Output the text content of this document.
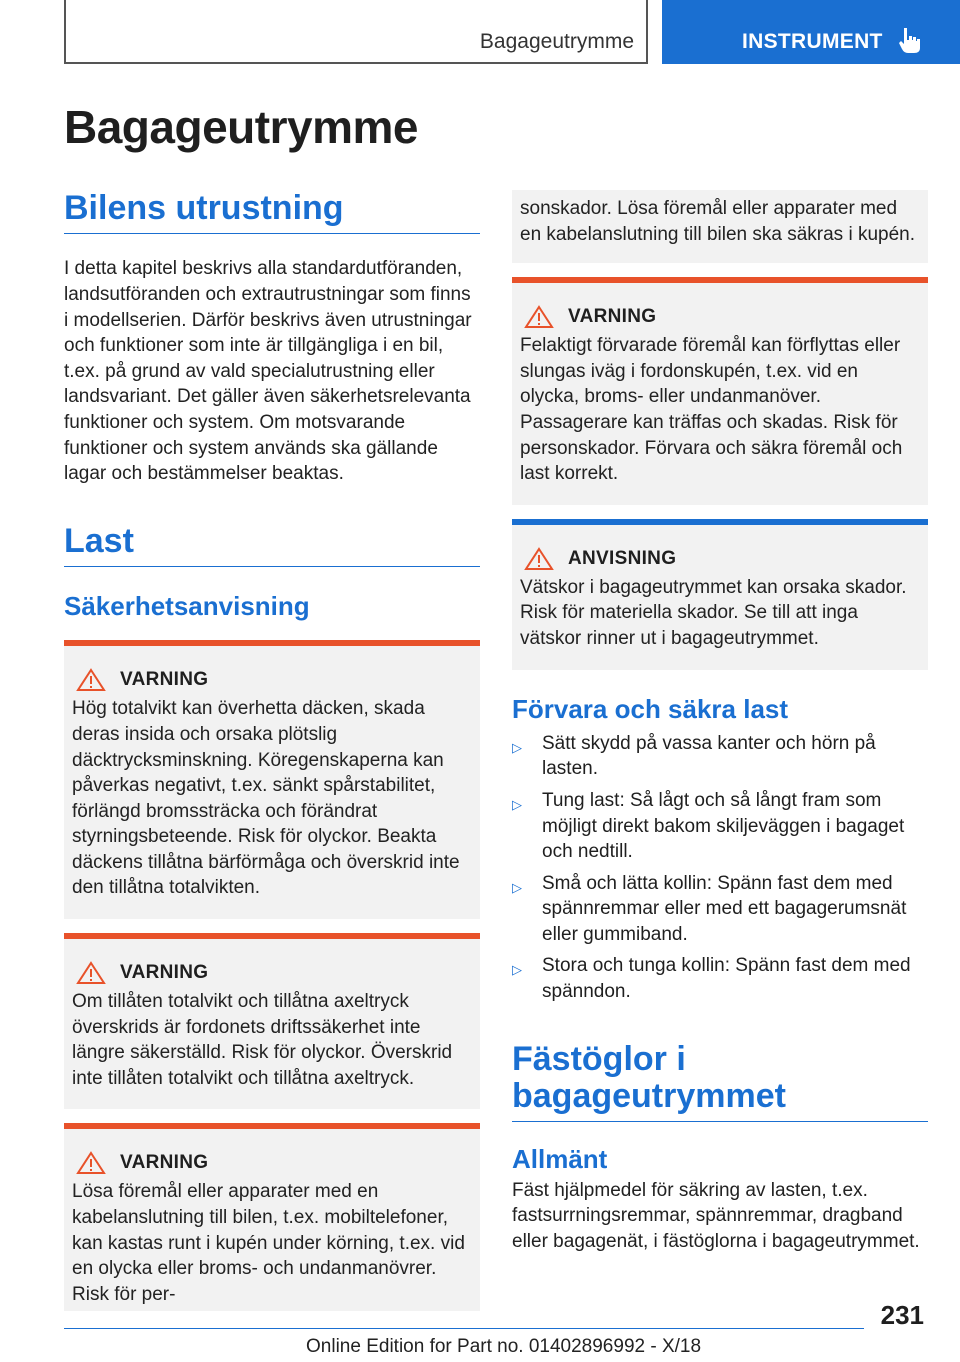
Bagageutrymme	INSTRUMENT
Bagageutrymme
Bilens utrustning

I detta kapitel beskrivs alla standardutföranden, landsutföranden och extrautrustningar som finns i modellserien. Därför beskrivs även utrustningar och funktioner som inte är tillgängliga i en bil, t.ex. på grund av vald specialutrustning eller landsvariant. Det gäller även säkerhetsrelevanta funktioner och system. Om motsvarande funktioner och system används ska gällande lagar och bestämmelser beaktas.

Last
Säkerhetsanvisning
VARNING

Hög totalvikt kan överhetta däcken, skada deras insida och orsaka plötslig däcktrycksminskning. Köregenskaperna kan påverkas negativt, t.ex. sänkt spårstabilitet, förlängd bromssträcka och förändrat styrningsbeteende. Risk för olyckor. Beakta däckens tillåtna bärförmåga och överskrid inte den tillåtna totalvikten.

VARNING

Om tillåten totalvikt och tillåtna axeltryck överskrids är fordonets driftssäkerhet inte längre säkerställd. Risk för olyckor. Överskrid inte tillåten totalvikt och tillåtna axeltryck.

VARNING

Lösa föremål eller apparater med en kabelanslutning till bilen, t.ex. mobiltelefoner, kan kastas runt i kupén under körning, t.ex. vid en olycka eller broms- och undanmanövrer. Risk för per-

sonskador. Lösa föremål eller apparater med en kabelanslutning till bilen ska säkras i kupén.

VARNING

Felaktigt förvarade föremål kan förflyttas eller slungas iväg i fordonskupén, t.ex. vid en olycka, broms- eller undanmanöver. Passagerare kan träffas och skadas. Risk för personskador. Förvara och säkra föremål och last korrekt.

ANVISNING

Vätskor i bagageutrymmet kan orsaka skador. Risk för materiella skador. Se till att inga vätskor rinner ut i bagageutrymmet.

Förvara och säkra last
▷ Sätt skydd på vassa kanter och hörn på lasten.
▷ Tung last: Så lågt och så långt fram som möjligt direkt bakom skiljeväggen i bagaget och nedtill.
▷ Små och lätta kollin: Spänn fast dem med spännremmar eller med ett bagagerumsnät eller gummiband.
▷ Stora och tunga kollin: Spänn fast dem med spänndon.
Fästöglor i bagageutrymmet
Allmänt

Fäst hjälpmedel för säkring av lasten, t.ex. fastsurrningsremmar, spännremmar, dragband eller bagagenät, i fästöglorna i bagageutrymmet.

231
Online Edition for Part no. 01402896992 - X/18
